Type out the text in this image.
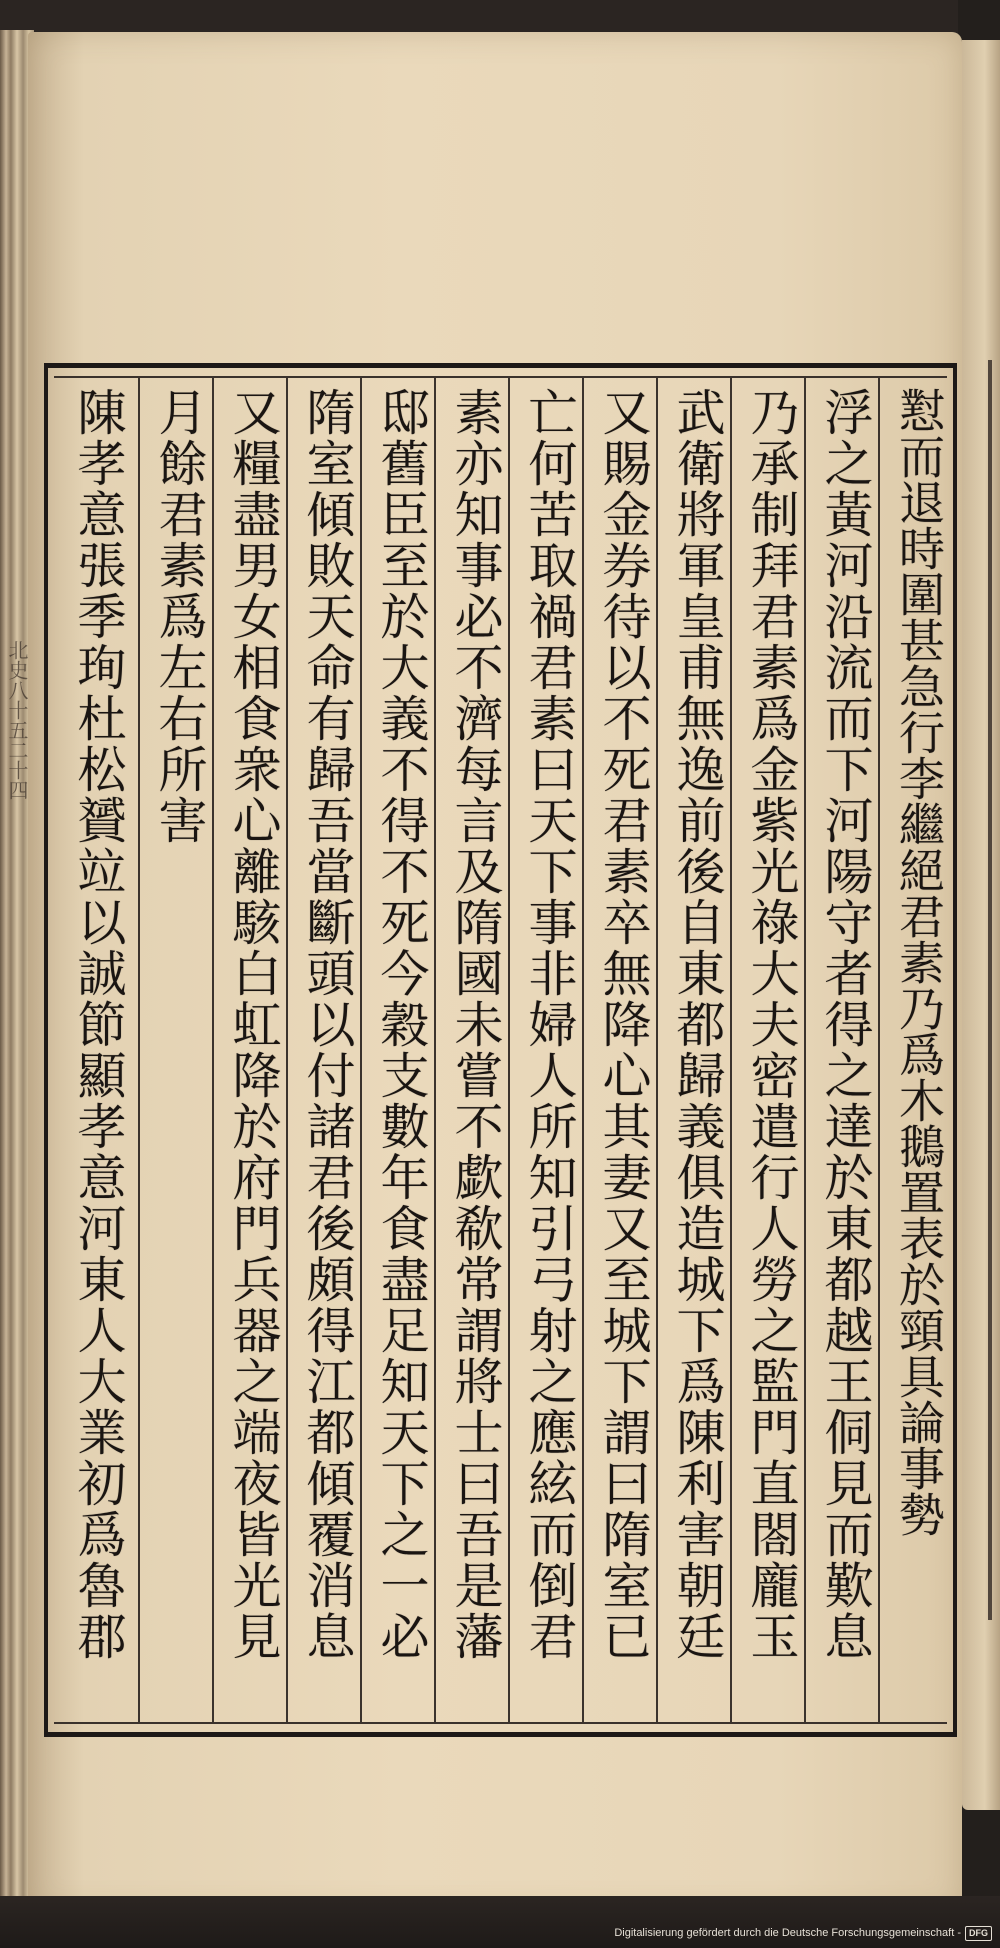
北史八十五二十四	懟而退時圍甚急行李繼絕君素乃爲木鵝置表於頸具論事勢
浮之黃河沿流而下河陽守者得之達於東都越王侗見而歎息
乃承制拜君素爲金紫光祿大夫密遣行人勞之監門直閤龐玉
武衛將軍皇甫無逸前後自東都歸義俱造城下爲陳利害朝廷
又賜金券待以不死君素卒無降心其妻又至城下謂曰隋室已
亡何苦取禍君素曰天下事非婦人所知引弓射之應絃而倒君
素亦知事必不濟每言及隋國未嘗不歔欷常謂將士曰吾是藩
邸舊臣至於大義不得不死今穀支數年食盡足知天下之一必
隋室傾敗天命有歸吾當斷頭以付諸君後頗得江都傾覆消息
又糧盡男女相食衆心離駭白虹降於府門兵器之端夜皆光見
月餘君素爲左右所害
陳孝意張季珣杜松贇竝以誠節顯孝意河東人大業初爲魯郡
Digitalisierung gefördert durch die Deutsche Forschungsgemeinschaft - DFG
